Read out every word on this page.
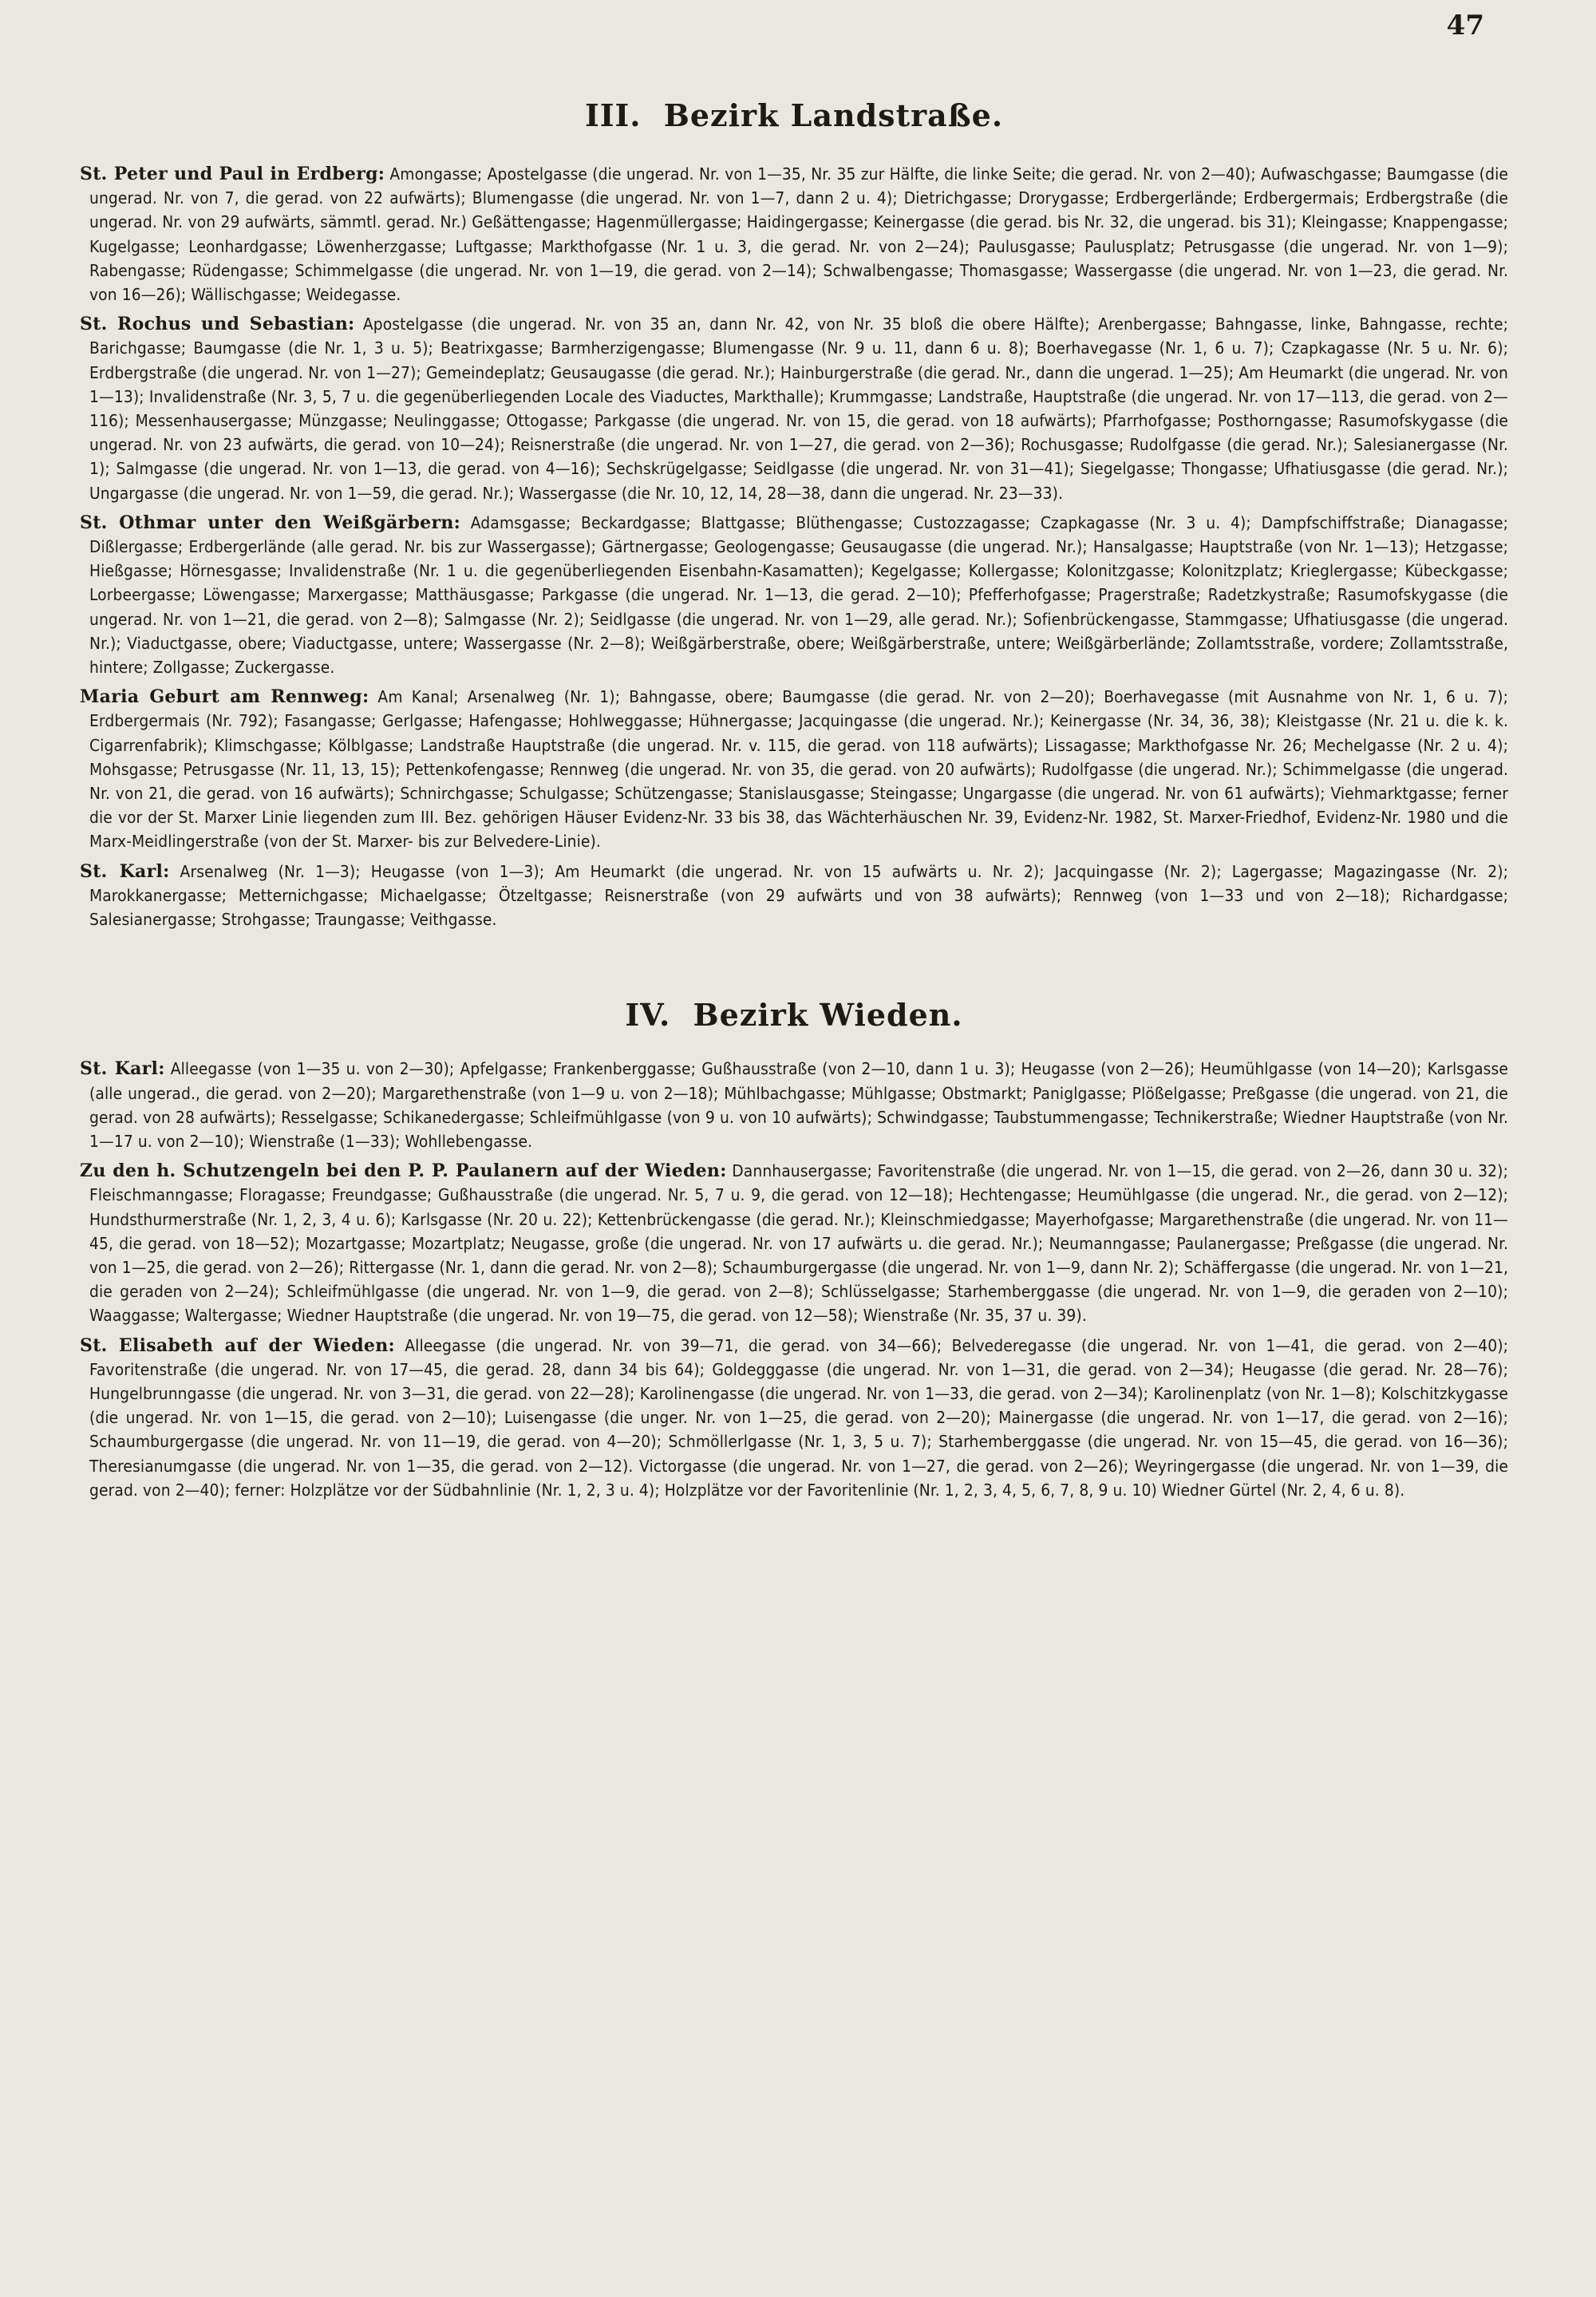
47
III. Bezirk Landstraße.

St. Peter und Paul in Erdberg: Amongasse; Apostelgasse (die ungerad. Nr. von 1—35, Nr. 35 zur Hälfte, die linke Seite; die gerad. Nr. von 2—40); Aufwaschgasse; Baumgasse (die ungerad. Nr. von 7, die gerad. von 22 aufwärts); Blumengasse (die ungerad. Nr. von 1—7, dann 2 u. 4); Dietrichgasse; Drorygasse; Erdbergerlände; Erdbergermais; Erdbergstraße (die ungerad. Nr. von 29 aufwärts, sämmtl. gerad. Nr.) Geßättengasse; Hagenmüllergasse; Haidingergasse; Keinergasse (die gerad. bis Nr. 32, die ungerad. bis 31); Kleingasse; Knappengasse; Kugelgasse; Leonhardgasse; Löwenherzgasse; Luftgasse; Markthofgasse (Nr. 1 u. 3, die gerad. Nr. von 2—24); Paulusgasse; Paulusplatz; Petrusgasse (die ungerad. Nr. von 1—9); Rabengasse; Rüdengasse; Schimmelgasse (die ungerad. Nr. von 1—19, die gerad. von 2—14); Schwalbengasse; Thomasgasse; Wassergasse (die ungerad. Nr. von 1—23, die gerad. Nr. von 16—26); Wällischgasse; Weidegasse.

St. Rochus und Sebastian: Apostelgasse (die ungerad. Nr. von 35 an, dann Nr. 42, von Nr. 35 bloß die obere Hälfte); Arenbergasse; Bahngasse, linke, Bahngasse, rechte; Barichgasse; Baumgasse (die Nr. 1, 3 u. 5); Beatrixgasse; Barmherzigengasse; Blumengasse (Nr. 9 u. 11, dann 6 u. 8); Boerhavegasse (Nr. 1, 6 u. 7); Czapkagasse (Nr. 5 u. Nr. 6); Erdbergstraße (die ungerad. Nr. von 1—27); Gemeindeplatz; Geusaugasse (die gerad. Nr.); Hainburgerstraße (die gerad. Nr., dann die ungerad. 1—25); Am Heumarkt (die ungerad. Nr. von 1—13); Invalidenstraße (Nr. 3, 5, 7 u. die gegenüberliegenden Locale des Viaductes, Markthalle); Krummgasse; Landstraße, Hauptstraße (die ungerad. Nr. von 17—113, die gerad. von 2—116); Messenhausergasse; Münzgasse; Neulinggasse; Ottogasse; Parkgasse (die ungerad. Nr. von 15, die gerad. von 18 aufwärts); Pfarrhofgasse; Posthorngasse; Rasumofskygasse (die ungerad. Nr. von 23 aufwärts, die gerad. von 10—24); Reisnerstraße (die ungerad. Nr. von 1—27, die gerad. von 2—36); Rochusgasse; Rudolfgasse (die gerad. Nr.); Salesianergasse (Nr. 1); Salmgasse (die ungerad. Nr. von 1—13, die gerad. von 4—16); Sechskrügelgasse; Seidlgasse (die ungerad. Nr. von 31—41); Siegelgasse; Thongasse; Ufhatiusgasse (die gerad. Nr.); Ungargasse (die ungerad. Nr. von 1—59, die gerad. Nr.); Wassergasse (die Nr. 10, 12, 14, 28—38, dann die ungerad. Nr. 23—33).

St. Othmar unter den Weißgärbern: Adamsgasse; Beckardgasse; Blattgasse; Blüthengasse; Custozzagasse; Czapkagasse (Nr. 3 u. 4); Dampfschiffstraße; Dianagasse; Dißlergasse; Erdbergerlände (alle gerad. Nr. bis zur Wassergasse); Gärtnergasse; Geologengasse; Geusaugasse (die ungerad. Nr.); Hansalgasse; Hauptstraße (von Nr. 1—13); Hetzgasse; Hießgasse; Hörnesgasse; Invalidenstraße (Nr. 1 u. die gegenüberliegenden Eisenbahn-Kasamatten); Kegelgasse; Kollergasse; Kolonitzgasse; Kolonitzplatz; Krieglergasse; Kübeckgasse; Lorbeergasse; Löwengasse; Marxergasse; Matthäusgasse; Parkgasse (die ungerad. Nr. 1—13, die gerad. 2—10); Pfefferhofgasse; Pragerstraße; Radetzkystraße; Rasumofskygasse (die ungerad. Nr. von 1—21, die gerad. von 2—8); Salmgasse (Nr. 2); Seidlgasse (die ungerad. Nr. von 1—29, alle gerad. Nr.); Sofienbrückengasse, Stammgasse; Ufhatiusgasse (die ungerad. Nr.); Viaductgasse, obere; Viaductgasse, untere; Wassergasse (Nr. 2—8); Weißgärberstraße, obere; Weißgärberstraße, untere; Weißgärberlände; Zollamtsstraße, vordere; Zollamtsstraße, hintere; Zollgasse; Zuckergasse.

Maria Geburt am Rennweg: Am Kanal; Arsenalweg (Nr. 1); Bahngasse, obere; Baumgasse (die gerad. Nr. von 2—20); Boerhavegasse (mit Ausnahme von Nr. 1, 6 u. 7); Erdbergermais (Nr. 792); Fasangasse; Gerlgasse; Hafengasse; Hohlweggasse; Hühnergasse; Jacquingasse (die ungerad. Nr.); Keinergasse (Nr. 34, 36, 38); Kleistgasse (Nr. 21 u. die k. k. Cigarrenfabrik); Klimschgasse; Kölblgasse; Landstraße Hauptstraße (die ungerad. Nr. v. 115, die gerad. von 118 aufwärts); Lissagasse; Markthofgasse Nr. 26; Mechelgasse (Nr. 2 u. 4); Mohsgasse; Petrusgasse (Nr. 11, 13, 15); Pettenkofengasse; Rennweg (die ungerad. Nr. von 35, die gerad. von 20 aufwärts); Rudolfgasse (die ungerad. Nr.); Schimmelgasse (die ungerad. Nr. von 21, die gerad. von 16 aufwärts); Schnirchgasse; Schulgasse; Schützengasse; Stanislausgasse; Steingasse; Ungargasse (die ungerad. Nr. von 61 aufwärts); Viehmarktgasse; ferner die vor der St. Marxer Linie liegenden zum III. Bez. gehörigen Häuser Evidenz-Nr. 33 bis 38, das Wächterhäuschen Nr. 39, Evidenz-Nr. 1982, St. Marxer-Friedhof, Evidenz-Nr. 1980 und die Marx-Meidlingerstraße (von der St. Marxer- bis zur Belvedere-Linie).

St. Karl: Arsenalweg (Nr. 1—3); Heugasse (von 1—3); Am Heumarkt (die ungerad. Nr. von 15 aufwärts u. Nr. 2); Jacquingasse (Nr. 2); Lagergasse; Magazingasse (Nr. 2); Marokkanergasse; Metternichgasse; Michaelgasse; Ötzeltgasse; Reisnerstraße (von 29 aufwärts und von 38 aufwärts); Rennweg (von 1—33 und von 2—18); Richardgasse; Salesianergasse; Strohgasse; Traungasse; Veithgasse.

IV. Bezirk Wieden.

St. Karl: Alleegasse (von 1—35 u. von 2—30); Apfelgasse; Frankenberggasse; Gußhausstraße (von 2—10, dann 1 u. 3); Heugasse (von 2—26); Heumühlgasse (von 14—20); Karlsgasse (alle ungerad., die gerad. von 2—20); Margarethenstraße (von 1—9 u. von 2—18); Mühlbachgasse; Mühlgasse; Obstmarkt; Paniglgasse; Plößelgasse; Preßgasse (die ungerad. von 21, die gerad. von 28 aufwärts); Resselgasse; Schikanedergasse; Schleifmühlgasse (von 9 u. von 10 aufwärts); Schwindgasse; Taubstummengasse; Technikerstraße; Wiedner Hauptstraße (von Nr. 1—17 u. von 2—10); Wienstraße (1—33); Wohllebengasse.

Zu den h. Schutzengeln bei den P. P. Paulanern auf der Wieden: Dannhausergasse; Favoritenstraße (die ungerad. Nr. von 1—15, die gerad. von 2—26, dann 30 u. 32); Fleischmanngasse; Floragasse; Freundgasse; Gußhausstraße (die ungerad. Nr. 5, 7 u. 9, die gerad. von 12—18); Hechtengasse; Heumühlgasse (die ungerad. Nr., die gerad. von 2—12); Hundsthurmerstraße (Nr. 1, 2, 3, 4 u. 6); Karlsgasse (Nr. 20 u. 22); Kettenbrückengasse (die gerad. Nr.); Kleinschmiedgasse; Mayerhofgasse; Margarethenstraße (die ungerad. Nr. von 11—45, die gerad. von 18—52); Mozartgasse; Mozartplatz; Neugasse, große (die ungerad. Nr. von 17 aufwärts u. die gerad. Nr.); Neumanngasse; Paulanergasse; Preßgasse (die ungerad. Nr. von 1—25, die gerad. von 2—26); Rittergasse (Nr. 1, dann die gerad. Nr. von 2—8); Schaumburgergasse (die ungerad. Nr. von 1—9, dann Nr. 2); Schäffergasse (die ungerad. Nr. von 1—21, die geraden von 2—24); Schleifmühlgasse (die ungerad. Nr. von 1—9, die gerad. von 2—8); Schlüsselgasse; Starhemberggasse (die ungerad. Nr. von 1—9, die geraden von 2—10); Waaggasse; Waltergasse; Wiedner Hauptstraße (die ungerad. Nr. von 19—75, die gerad. von 12—58); Wienstraße (Nr. 35, 37 u. 39).

St. Elisabeth auf der Wieden: Alleegasse (die ungerad. Nr. von 39—71, die gerad. von 34—66); Belvederegasse (die ungerad. Nr. von 1—41, die gerad. von 2—40); Favoritenstraße (die ungerad. Nr. von 17—45, die gerad. 28, dann 34 bis 64); Goldegggasse (die ungerad. Nr. von 1—31, die gerad. von 2—34); Heugasse (die gerad. Nr. 28—76); Hungelbrunngasse (die ungerad. Nr. von 3—31, die gerad. von 22—28); Karolinengasse (die ungerad. Nr. von 1—33, die gerad. von 2—34); Karolinenplatz (von Nr. 1—8); Kolschitzkygasse (die ungerad. Nr. von 1—15, die gerad. von 2—10); Luisengasse (die unger. Nr. von 1—25, die gerad. von 2—20); Mainergasse (die ungerad. Nr. von 1—17, die gerad. von 2—16); Schaumburgergasse (die ungerad. Nr. von 11—19, die gerad. von 4—20); Schmöllerlgasse (Nr. 1, 3, 5 u. 7); Starhemberggasse (die ungerad. Nr. von 15—45, die gerad. von 16—36); Theresianumgasse (die ungerad. Nr. von 1—35, die gerad. von 2—12). Victorgasse (die ungerad. Nr. von 1—27, die gerad. von 2—26); Weyringergasse (die ungerad. Nr. von 1—39, die gerad. von 2—40); ferner: Holzplätze vor der Südbahnlinie (Nr. 1, 2, 3 u. 4); Holzplätze vor der Favoritenlinie (Nr. 1, 2, 3, 4, 5, 6, 7, 8, 9 u. 10) Wiedner Gürtel (Nr. 2, 4, 6 u. 8).
